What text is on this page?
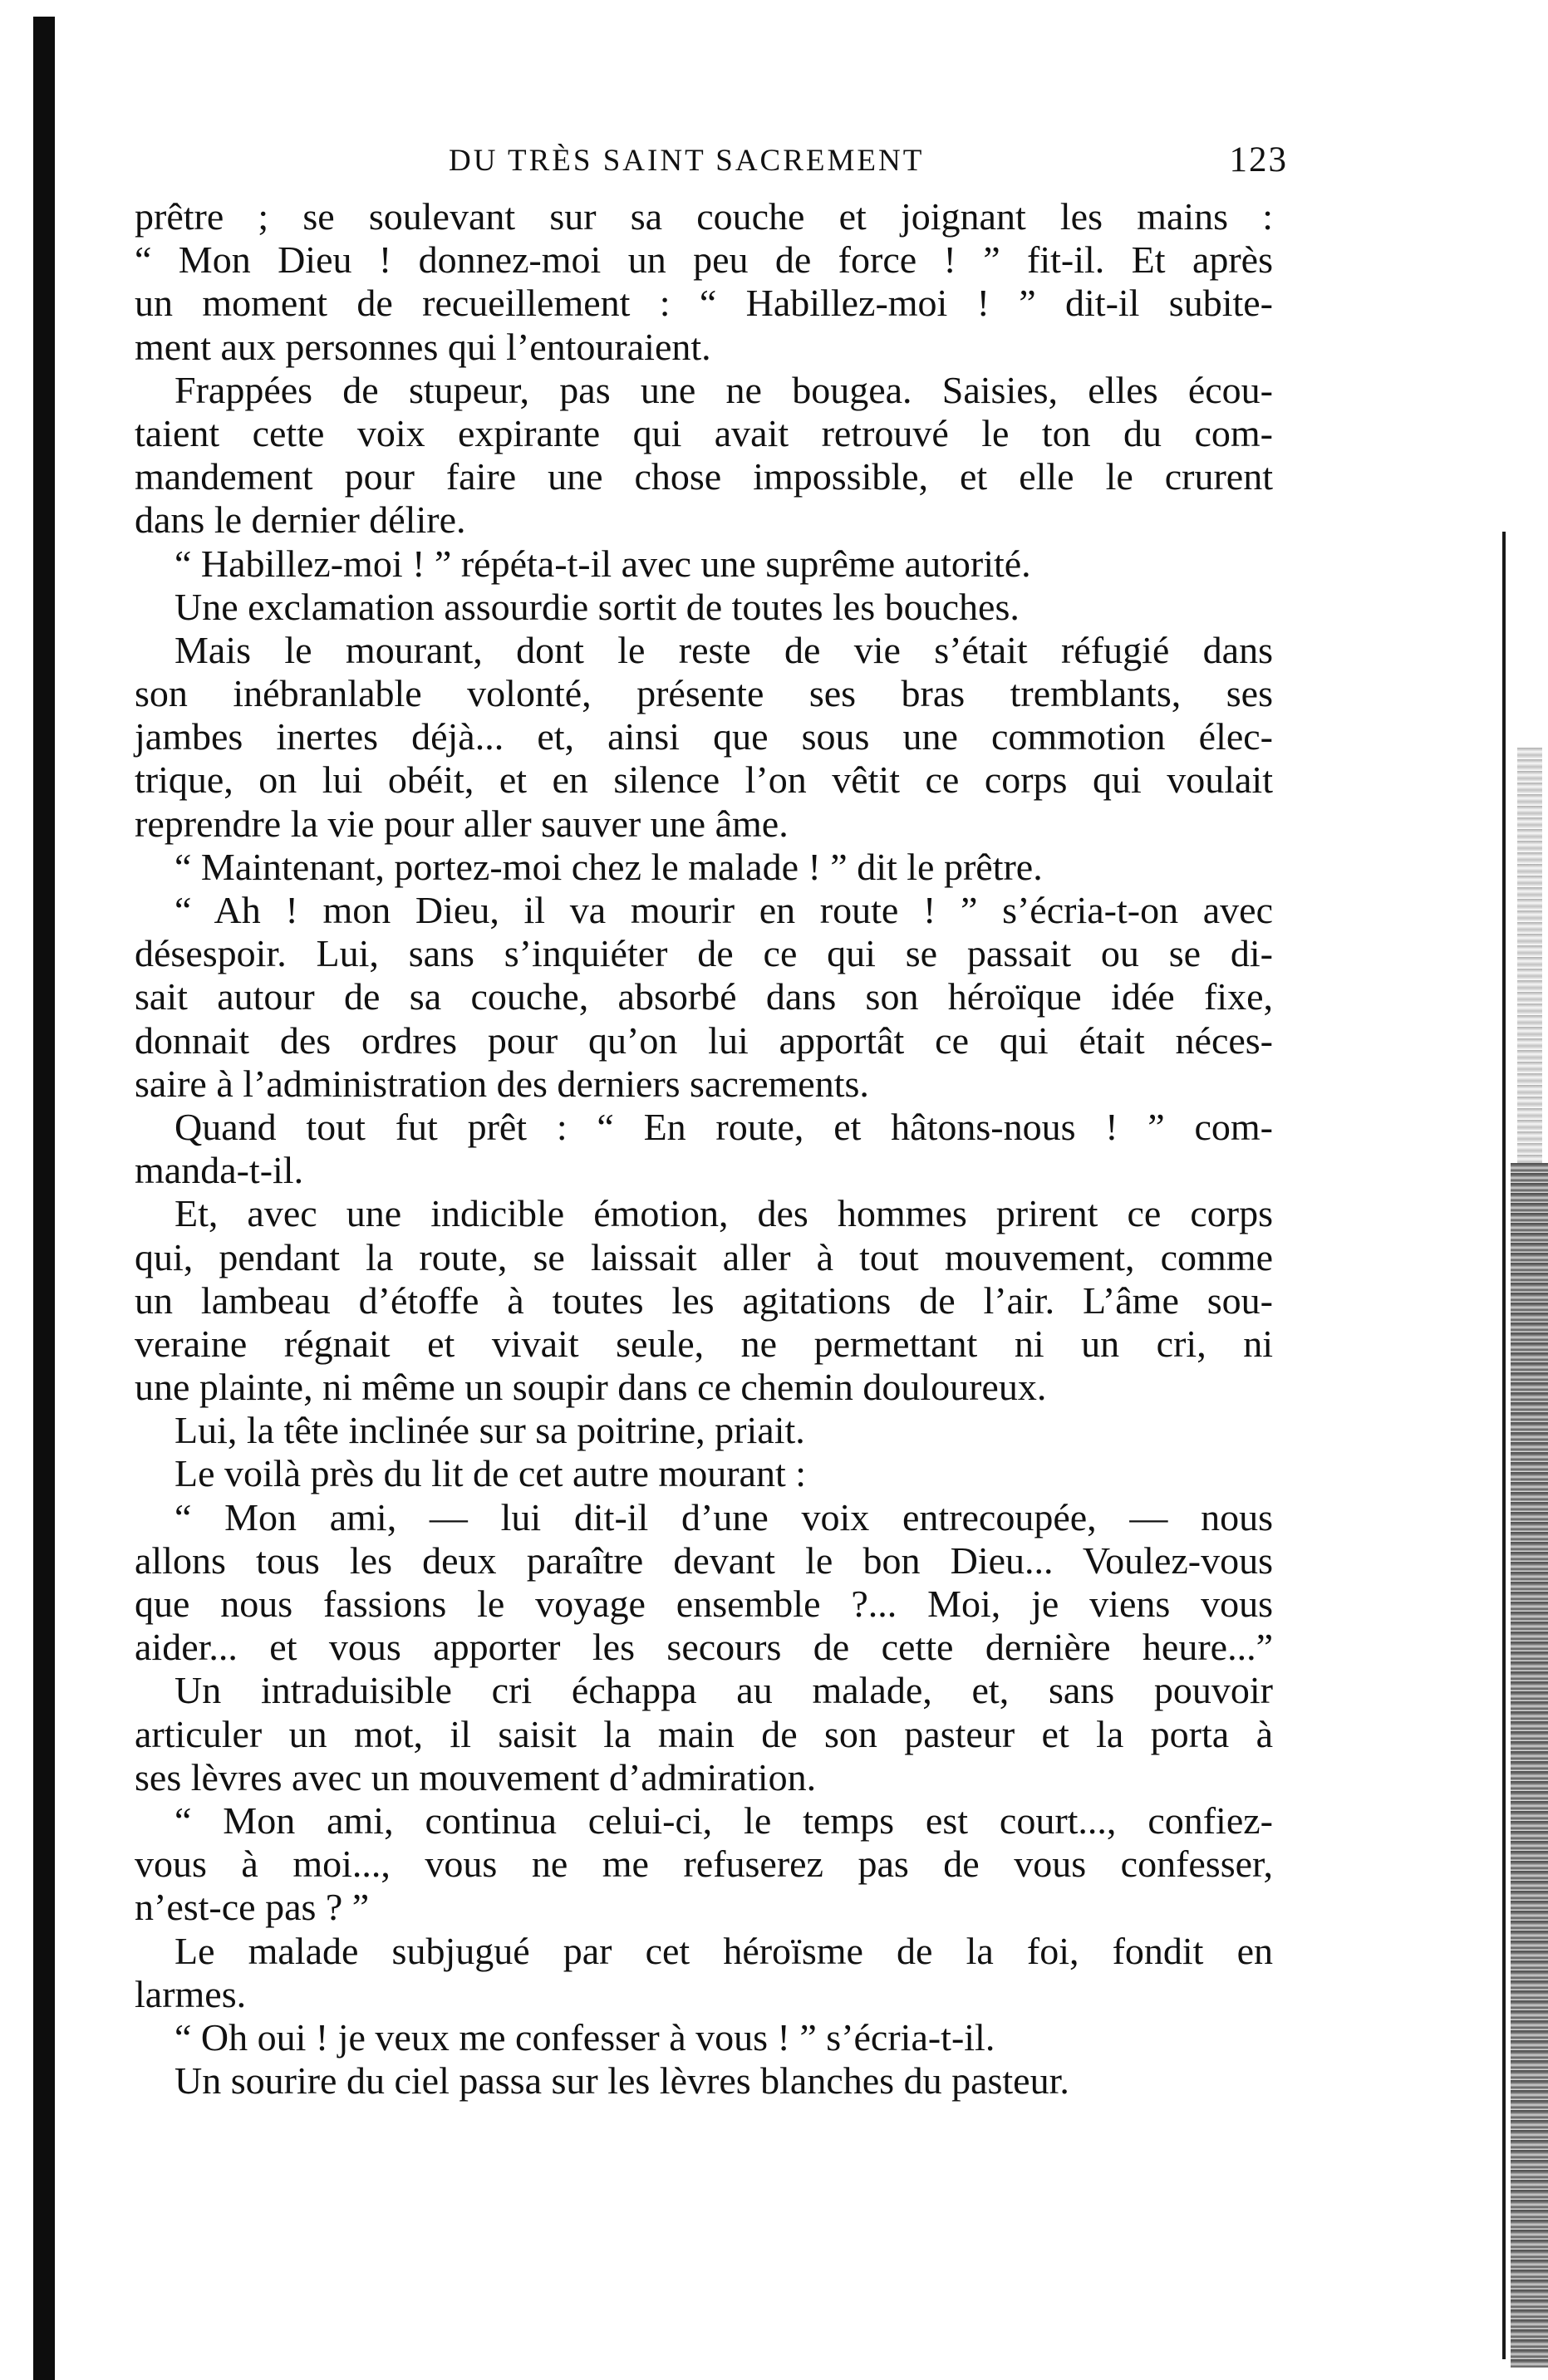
DU TRÈS SAINT SACREMENT	123
prêtre ; se soulevant sur sa couche et joignant les mains :
“ Mon Dieu ! donnez-moi un peu de force ! ” fit-il. Et après
un moment de recueillement : “ Habillez-moi ! ” dit-il subite-
ment aux personnes qui l’entouraient.
Frappées de stupeur, pas une ne bougea. Saisies, elles écou-
taient cette voix expirante qui avait retrouvé le ton du com-
mandement pour faire une chose impossible, et elle le crurent
dans le dernier délire.
“ Habillez-moi ! ” répéta-t-il avec une suprême autorité.
Une exclamation assourdie sortit de toutes les bouches.
Mais le mourant, dont le reste de vie s’était réfugié dans
son inébranlable volonté, présente ses bras tremblants, ses
jambes inertes déjà... et, ainsi que sous une commotion élec-
trique, on lui obéit, et en silence l’on vêtit ce corps qui voulait
reprendre la vie pour aller sauver une âme.
“ Maintenant, portez-moi chez le malade ! ” dit le prêtre.
“ Ah ! mon Dieu, il va mourir en route ! ” s’écria-t-on avec
désespoir. Lui, sans s’inquiéter de ce qui se passait ou se di-
sait autour de sa couche, absorbé dans son héroïque idée fixe,
donnait des ordres pour qu’on lui apportât ce qui était néces-
saire à l’administration des derniers sacrements.
Quand tout fut prêt : “ En route, et hâtons-nous ! ” com-
manda-t-il.
Et, avec une indicible émotion, des hommes prirent ce corps
qui, pendant la route, se laissait aller à tout mouvement, comme
un lambeau d’étoffe à toutes les agitations de l’air. L’âme sou-
veraine régnait et vivait seule, ne permettant ni un cri, ni
une plainte, ni même un soupir dans ce chemin douloureux.
Lui, la tête inclinée sur sa poitrine, priait.
Le voilà près du lit de cet autre mourant :
“ Mon ami, — lui dit-il d’une voix entrecoupée, — nous
allons tous les deux paraître devant le bon Dieu... Voulez-vous
que nous fassions le voyage ensemble ?... Moi, je viens vous
aider... et vous apporter les secours de cette dernière heure...”
Un intraduisible cri échappa au malade, et, sans pouvoir
articuler un mot, il saisit la main de son pasteur et la porta à
ses lèvres avec un mouvement d’admiration.
“ Mon ami, continua celui-ci, le temps est court..., confiez-
vous à moi..., vous ne me refuserez pas de vous confesser,
n’est-ce pas ? ”
Le malade subjugué par cet héroïsme de la foi, fondit en
larmes.
“ Oh oui ! je veux me confesser à vous ! ” s’écria-t-il.
Un sourire du ciel passa sur les lèvres blanches du pasteur.
